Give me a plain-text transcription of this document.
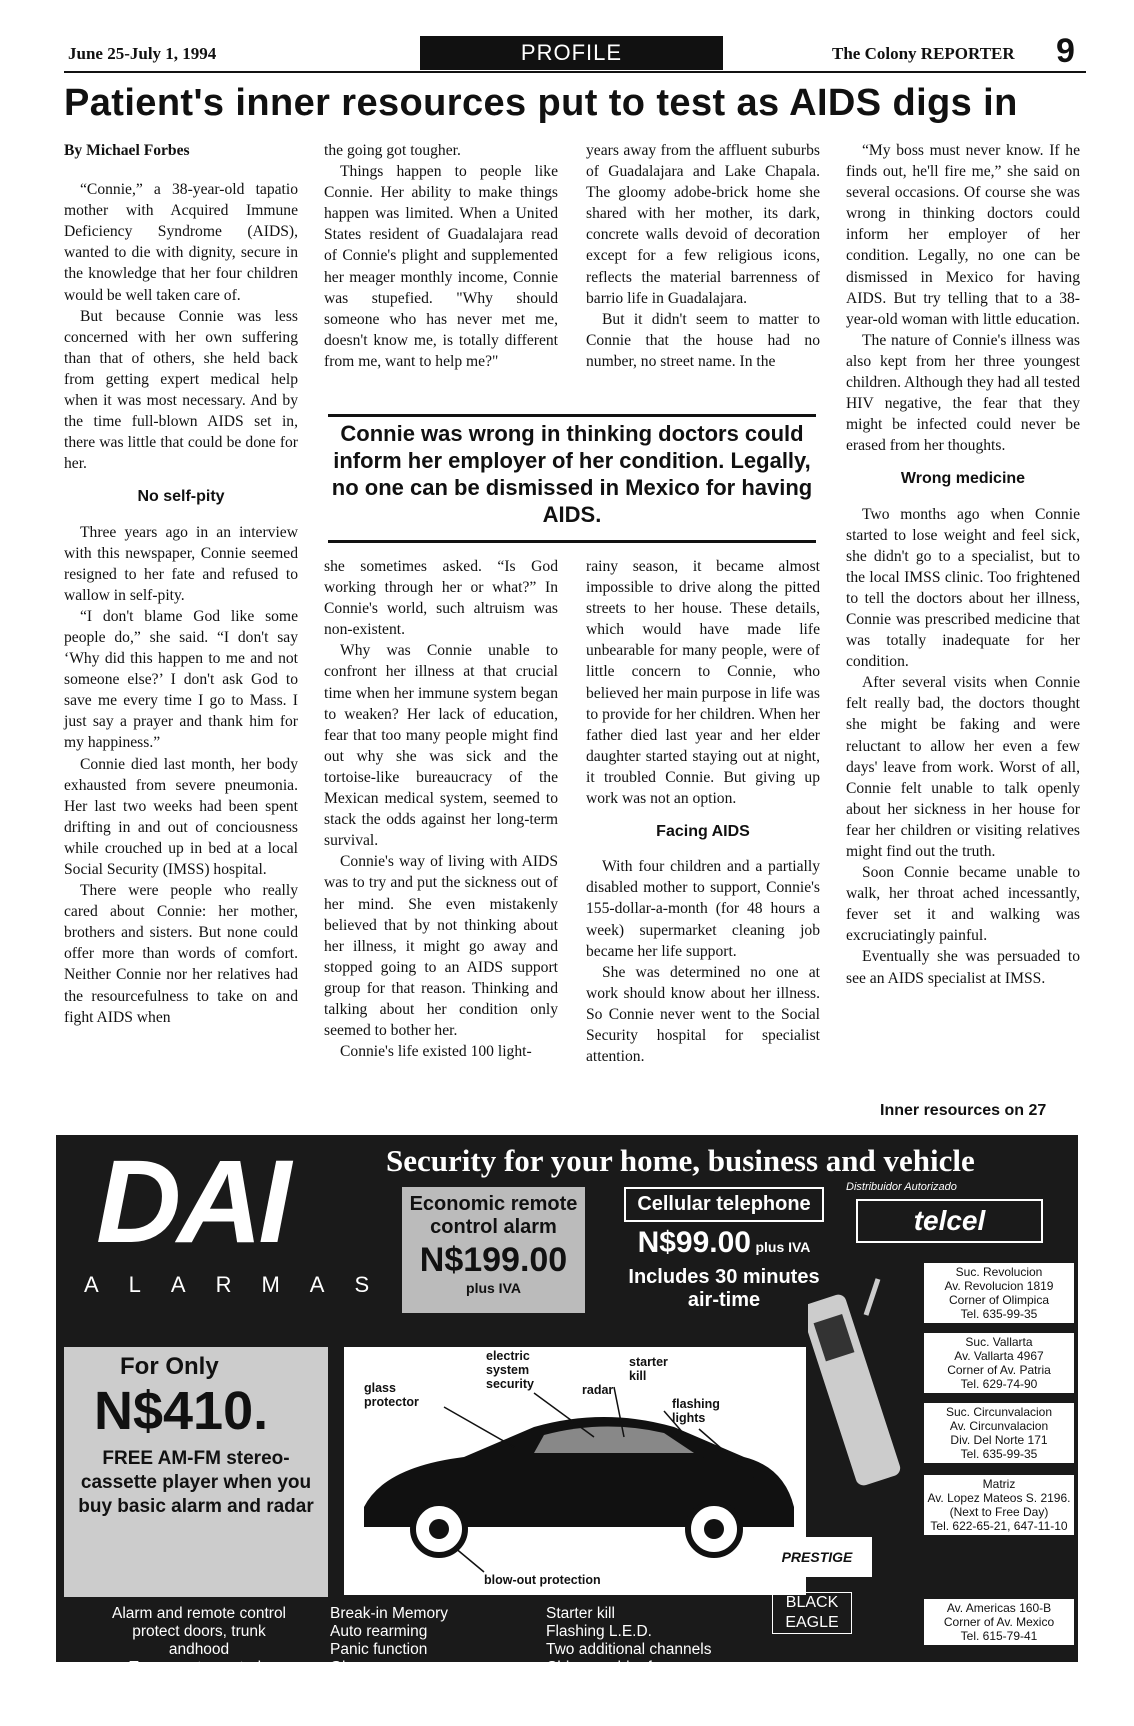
June 25-July 1, 1994	PROFILE	The Colony REPORTER 9
Patient's inner resources put to test as AIDS digs in

By Michael Forbes

“Connie,” a 38-year-old tapatio mother with Acquired Immune Deficiency Syndrome (AIDS), wanted to die with dignity, secure in the knowledge that her four children would be well taken care of.

But because Connie was less concerned with her own suffering than that of others, she held back from getting expert medical help when it was most necessary. And by the time full-blown AIDS set in, there was little that could be done for her.

No self-pity

Three years ago in an interview with this newspaper, Connie seemed resigned to her fate and refused to wallow in self-pity.

“I don't blame God like some people do,” she said. “I don't say ‘Why did this happen to me and not someone else?’ I don't ask God to save me every time I go to Mass. I just say a prayer and thank him for my happiness.”

Connie died last month, her body exhausted from severe pneumonia. Her last two weeks had been spent drifting in and out of conciousness while crouched up in bed at a local Social Security (IMSS) hospital.

There were people who really cared about Connie: her mother, brothers and sisters. But none could offer more than words of comfort. Neither Connie nor her relatives had the resourcefulness to take on and fight AIDS when

the going got tougher.

Things happen to people like Connie. Her ability to make things happen was limited. When a United States resident of Guadalajara read of Connie's plight and supplemented her meager monthly income, Connie was stupefied. "Why should someone who has never met me, doesn't know me, is totally different from me, want to help me?"

years away from the affluent suburbs of Guadalajara and Lake Chapala. The gloomy adobe-brick home she shared with her mother, its dark, concrete walls devoid of decoration except for a few religious icons, reflects the material barrenness of barrio life in Guadalajara.

But it didn't seem to matter to Connie that the house had no number, no street name. In the

Connie was wrong in thinking doctors could inform her employer of her condition. Legally, no one can be dismissed in Mexico for having AIDS.

she sometimes asked. “Is God working through her or what?” In Connie's world, such altruism was non-existent.

Why was Connie unable to confront her illness at that crucial time when her immune system began to weaken? Her lack of education, fear that too many people might find out why she was sick and the tortoise-like bureaucracy of the Mexican medical system, seemed to stack the odds against her long-term survival.

Connie's way of living with AIDS was to try and put the sickness out of her mind. She even mistakenly believed that by not thinking about her illness, it might go away and stopped going to an AIDS support group for that reason. Thinking and talking about her condition only seemed to bother her.

Connie's life existed 100 light-

rainy season, it became almost impossible to drive along the pitted streets to her house. These details, which would have made life unbearable for many people, were of little concern to Connie, who believed her main purpose in life was to provide for her children. When her father died last year and her elder daughter started staying out at night, it troubled Connie. But giving up work was not an option.

Facing AIDS

With four children and a partially disabled mother to support, Connie's 155-dollar-a-month (for 48 hours a week) supermarket cleaning job became her life support.

She was determined no one at work should know about her illness. So Connie never went to the Social Security hospital for specialist attention.

“My boss must never know. If he finds out, he'll fire me,” she said on several occasions. Of course she was wrong in thinking doctors could inform her employer of her condition. Legally, no one can be dismissed in Mexico for having AIDS. But try telling that to a 38-year-old woman with little education.

The nature of Connie's illness was also kept from her three youngest children. Although they had all tested HIV negative, the fear that they might be infected could never be erased from her thoughts.

Wrong medicine

Two months ago when Connie started to lose weight and feel sick, she didn't go to a specialist, but to the local IMSS clinic. Too frightened to tell the doctors about her illness, Connie was prescribed medicine that was totally inadequate for her condition.

After several visits when Connie felt really bad, the doctors thought she might be faking and were reluctant to allow her even a few days' leave from work. Worst of all, Connie felt unable to talk openly about her sickness in her house for fear her children or visiting relatives might find out the truth.

Soon Connie became unable to walk, her throat ached incessantly, fever set it and walking was excruciatingly painful.

Eventually she was persuaded to see an AIDS specialist at IMSS.

Inner resources on 27
DAI
ALARMAS
Security for your home, business and vehicle
Economic remote
control alarm
N$199.00
plus IVA
Cellular telephone
N$99.00 plus IVA
Includes 30 minutes
air-time
Distribuidor Autorizado
telcel
Suc. Revolucion
Av. Revolucion 1819
Corner of Olimpica
Tel. 635-99-35
Suc. Vallarta
Av. Vallarta 4967
Corner of Av. Patria
Tel. 629-74-90
Suc. Circunvalacion
Av. Circunvalacion
Div. Del Norte 171
Tel. 635-99-35
Matriz
Av. Lopez Mateos S. 2196.
(Next to Free Day)
Tel. 622-65-21, 647-11-10
Av. Americas 160-B
Corner of Av. Mexico
Tel. 615-79-41
For Only
N$410.
FREE AM-FM stereo-cassette player when you buy basic alarm and radar
glass protector
electric system security	radar
starter kill
flashing lights
blow-out protection
Alarm and remote control
protect doors, trunk
andhood
Two remote controls
Six-tone siren
Break-in Memory
Auto rearming
Panic function
Glass sensor
Flashing parking lights
Starter kill
Flashing L.E.D.
Two additional channels
Chirp-no chirp from
remote control
PRESTIGE
BLACK
EAGLE
